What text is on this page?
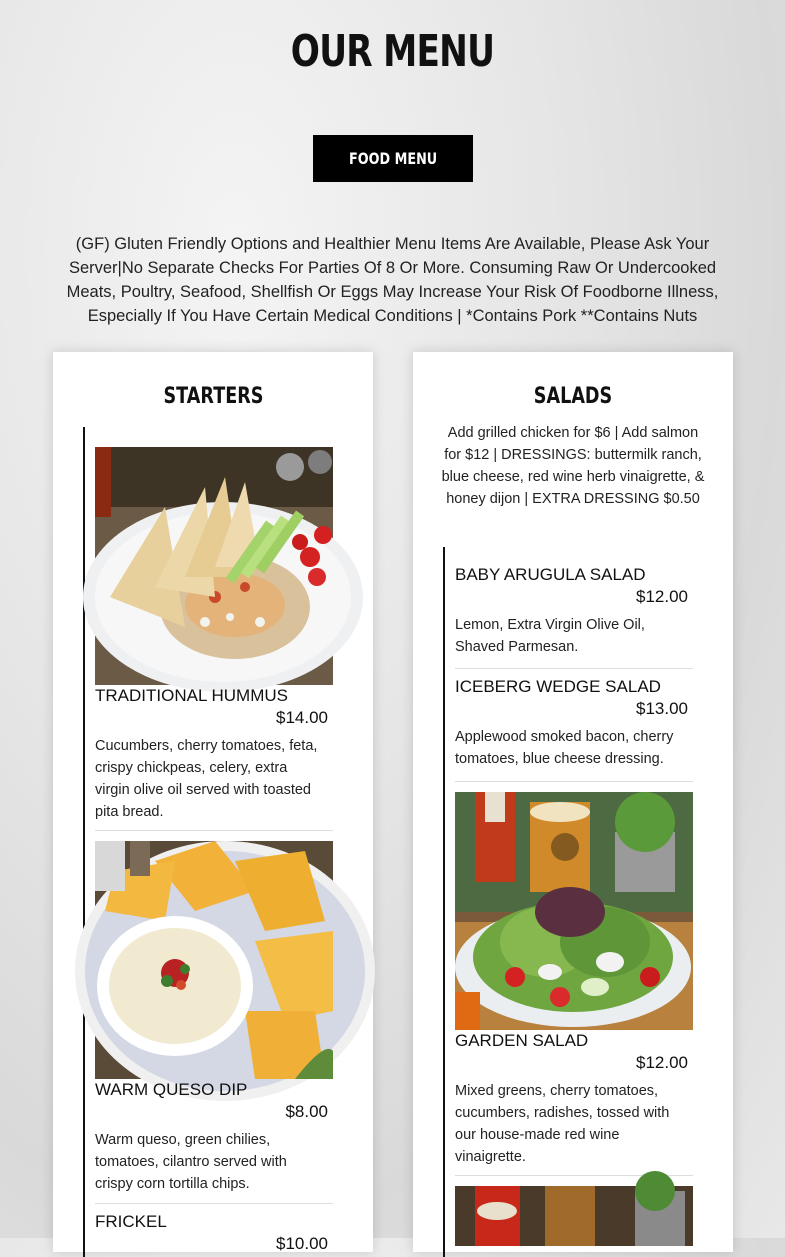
OUR MENU
FOOD MENU
(GF) Gluten Friendly Options and Healthier Menu Items Are Available, Please Ask Your Server|No Separate Checks For Parties Of 8 Or More. Consuming Raw Or Undercooked Meats, Poultry, Seafood, Shellfish Or Eggs May Increase Your Risk Of Foodborne Illness, Especially If You Have Certain Medical Conditions | *Contains Pork **Contains Nuts
STARTERS
TRADITIONAL HUMMUS
$14.00
Cucumbers, cherry tomatoes, feta, crispy chickpeas, celery, extra virgin olive oil served with toasted pita bread.
WARM QUESO DIP
$8.00
Warm queso, green chilies, tomatoes, cilantro served with crispy corn tortilla chips.
FRICKEL
$10.00
SALADS
Add grilled chicken for $6 | Add salmon for $12 | DRESSINGS: buttermilk ranch, blue cheese, red wine herb vinaigrette, & honey dijon | EXTRA DRESSING $0.50
BABY ARUGULA SALAD
$12.00
Lemon, Extra Virgin Olive Oil, Shaved Parmesan.
ICEBERG WEDGE SALAD
$13.00
Applewood smoked bacon, cherry tomatoes, blue cheese dressing.
GARDEN SALAD
$12.00
Mixed greens, cherry tomatoes, cucumbers, radishes, tossed with our house-made red wine vinaigrette.
